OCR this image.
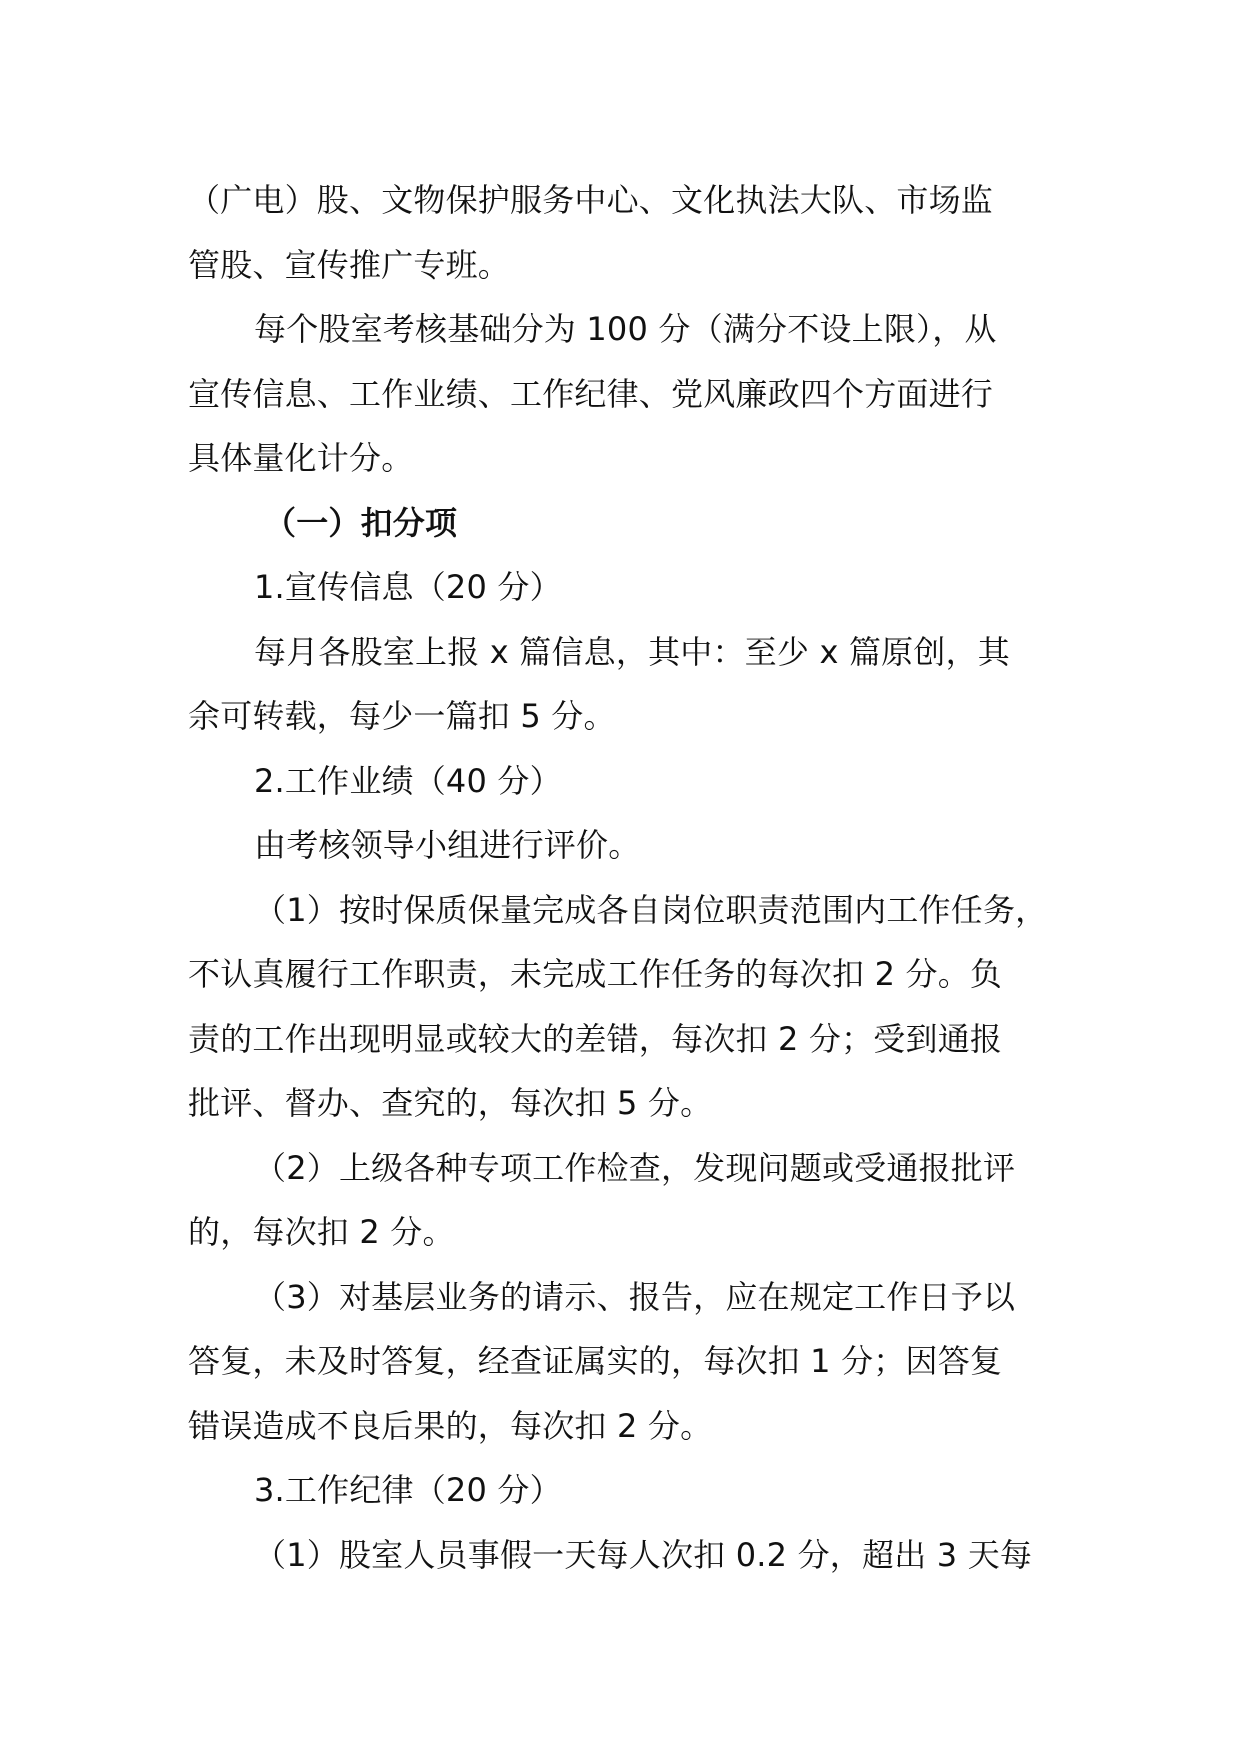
（广电）股、文物保护服务中心、文化执法大队、市场监
管股、宣传推广专班。
每个股室考核基础分为 100 分（满分不设上限），从
宣传信息、工作业绩、工作纪律、党风廉政四个方面进行
具体量化计分。
（一）扣分项
1.宣传信息（20 分）
每月各股室上报 x 篇信息，其中：至少 x 篇原创，其
余可转载，每少一篇扣 5 分。
2.工作业绩（40 分）
由考核领导小组进行评价。
（1）按时保质保量完成各自岗位职责范围内工作任务，
不认真履行工作职责，未完成工作任务的每次扣 2 分。负
责的工作出现明显或较大的差错，每次扣 2 分；受到通报
批评、督办、查究的，每次扣 5 分。
（2）上级各种专项工作检查，发现问题或受通报批评
的，每次扣 2 分。
（3）对基层业务的请示、报告，应在规定工作日予以
答复，未及时答复，经查证属实的，每次扣 1 分；因答复
错误造成不良后果的，每次扣 2 分。
3.工作纪律（20 分）
（1）股室人员事假一天每人次扣 0.2 分，超出 3 天每
